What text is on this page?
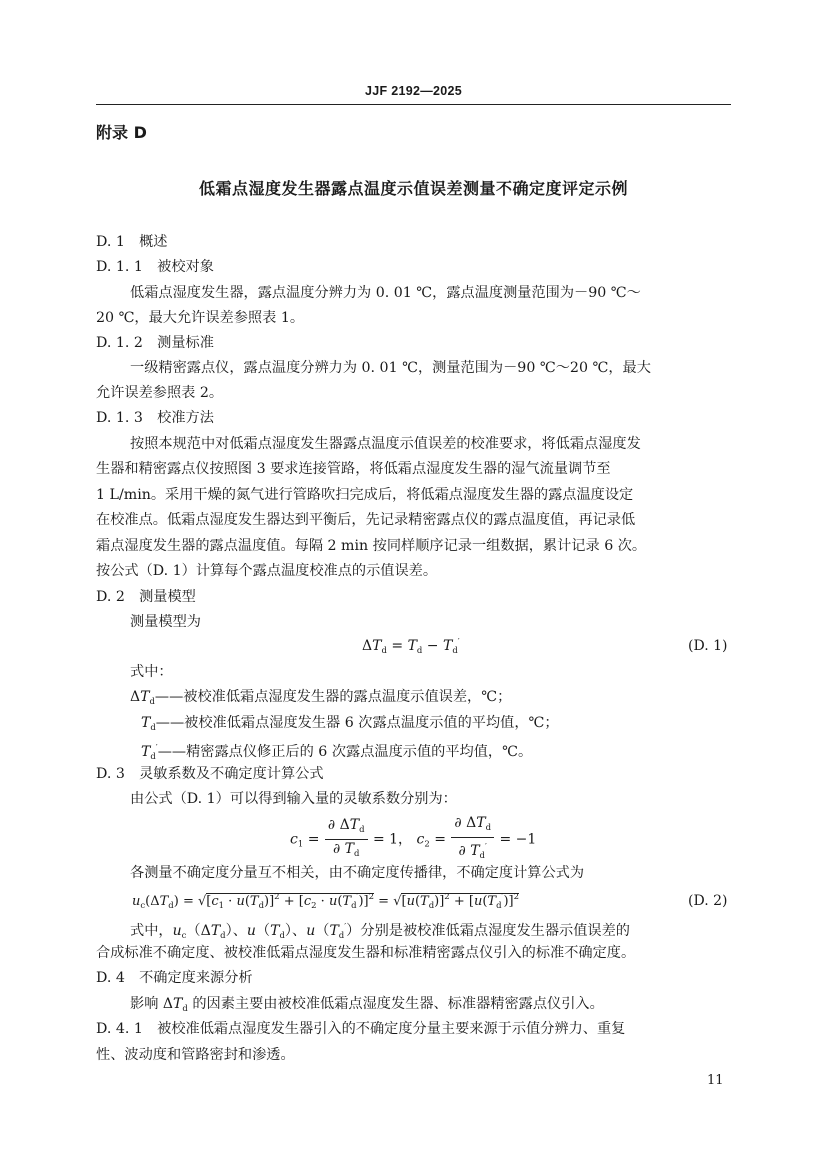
JJF 2192—2025
附录 D
低霜点湿度发生器露点温度示值误差测量不确定度评定示例
D. 1　概述
D. 1. 1　被校对象
低霜点湿度发生器，露点温度分辨力为 0. 01 ℃，露点温度测量范围为－90 ℃～
20 ℃，最大允许误差参照表 1。
D. 1. 2　测量标准
一级精密露点仪，露点温度分辨力为 0. 01 ℃，测量范围为－90 ℃～20 ℃，最大
允许误差参照表 2。
D. 1. 3　校准方法
按照本规范中对低霜点湿度发生器露点温度示值误差的校准要求，将低霜点湿度发
生器和精密露点仪按照图 3 要求连接管路，将低霜点湿度发生器的湿气流量调节至
1 L/min。采用干燥的氮气进行管路吹扫完成后，将低霜点湿度发生器的露点温度设定
在校准点。低霜点湿度发生器达到平衡后，先记录精密露点仪的露点温度值，再记录低
霜点湿度发生器的露点温度值。每隔 2 min 按同样顺序记录一组数据，累计记录 6 次。
按公式（D. 1）计算每个露点温度校准点的示值误差。
D. 2　测量模型
测量模型为
$\Delta T_d = T_d - T_d'$	(D. 1)
式中：
$\Delta T_d——$被校准低霜点湿度发生器的露点温度示值误差，℃；
$T_d——$被校准低霜点湿度发生器 6 次露点温度示值的平均值，℃；
$T_d'——$精密露点仪修正后的 6 次露点温度示值的平均值，℃。
D. 3　灵敏系数及不确定度计算公式
由公式（D. 1）可以得到输入量的灵敏系数分别为：
$c_1 = \frac{\partial \Delta T_d}{\partial T_d} = 1$， $c_2 = \frac{\partial \Delta T_d}{\partial T_d'} = -1$
各测量不确定度分量互不相关，由不确定度传播律，不确定度计算公式为
$u_c(\Delta T_d) = √[c_1 \cdot u(T_d)]^2 + [c_2 \cdot u(T_d')]^2 = √[u(T_d)]^2 + [u(T_d')]^2$	(D. 2)
式中，$u_c(\Delta T_d)$、$u(T_d)$、$u(T_d')$分别是被校准低霜点湿度发生器示值误差的
合成标准不确定度、被校准低霜点湿度发生器和标准精密露点仪引入的标准不确定度。
D. 4　不确定度来源分析
影响 $\Delta T_d$ 的因素主要由被校准低霜点湿度发生器、标准器精密露点仪引入。
D. 4. 1　被校准低霜点湿度发生器引入的不确定度分量主要来源于示值分辨力、重复
性、波动度和管路密封和渗透。
11
